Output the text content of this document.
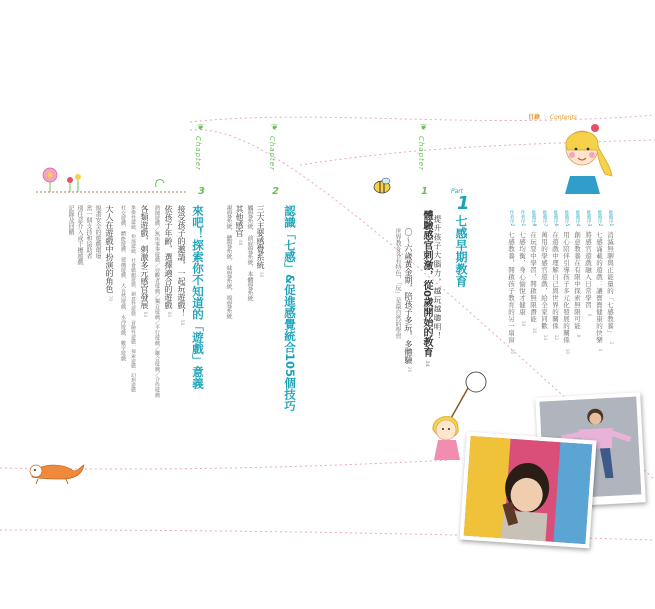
目錄 ｜ Contents
推薦序1 消滅無聊與正能量的「七感教養」 2
推薦序2 七感滿載的遊戲：讓寶寶健康的快樂 4
推薦序3 將感官遊戲融入日常學習 6
推薦序4 創意教養在有限中探索無限可能 8
推薦序5 用心陪伴引導孩子多元化發展的關係 10
推薦序6 在遊戲中理解自己與世界的關係 12
推薦序7 萬用的學感官遊戲，給全家同歡 14
推薦序8 在玩耍中學習，開啟無限潛能 16
作者序1 七感均衡，身心愉悅才健康 18
作者序2 七感教養，開啟孩子教育的另一扇窗 20
❦
Chapter
1	Part
1
七感早期教育
提升孩子大腦力，越玩越聰明！
體驗感官刺激，從0歲開始的教育 24
〇～六歲黃金期，陪孩子多玩，多體驗 26
世界教育各有特色，「玩」是最自然的學習
❦
Chapter
2
認識「七感」&促進感覺統合105個技巧
三大主要感覺系統 36
觸覺系統．前庭覺系統．本體覺系統
其他感官 48
視覺系統．聽覺系統．味覺系統．嗅覺系統
❦
Chapter
3
來吧！探索你不知道的「遊戲」意義
接受孩子的邀請，一起玩遊戲！ 58
依孩子年齡，選擇適合的遊戲 60
熱鬧遊戲／無所事事遊戲／旁觀者遊戲／獨自遊戲／平行遊戲／聯合遊戲／合作遊戲
各類遊戲，刺激多元感官發展 64
象徵性遊戲．扮演遊戲．社會戲劇遊戲．創意性遊戲．冒險性遊戲．探索遊戲．幻想遊戲
社交遊戲．體能遊戲．建構遊戲．大自然遊戲．水沙遊戲．數字遊戲
大人在遊戲中扮演的角色 70
規畫安全的遊戲環境
當一個支持和協助者
別任意介入或干擾遊戲
記錄及回饋
